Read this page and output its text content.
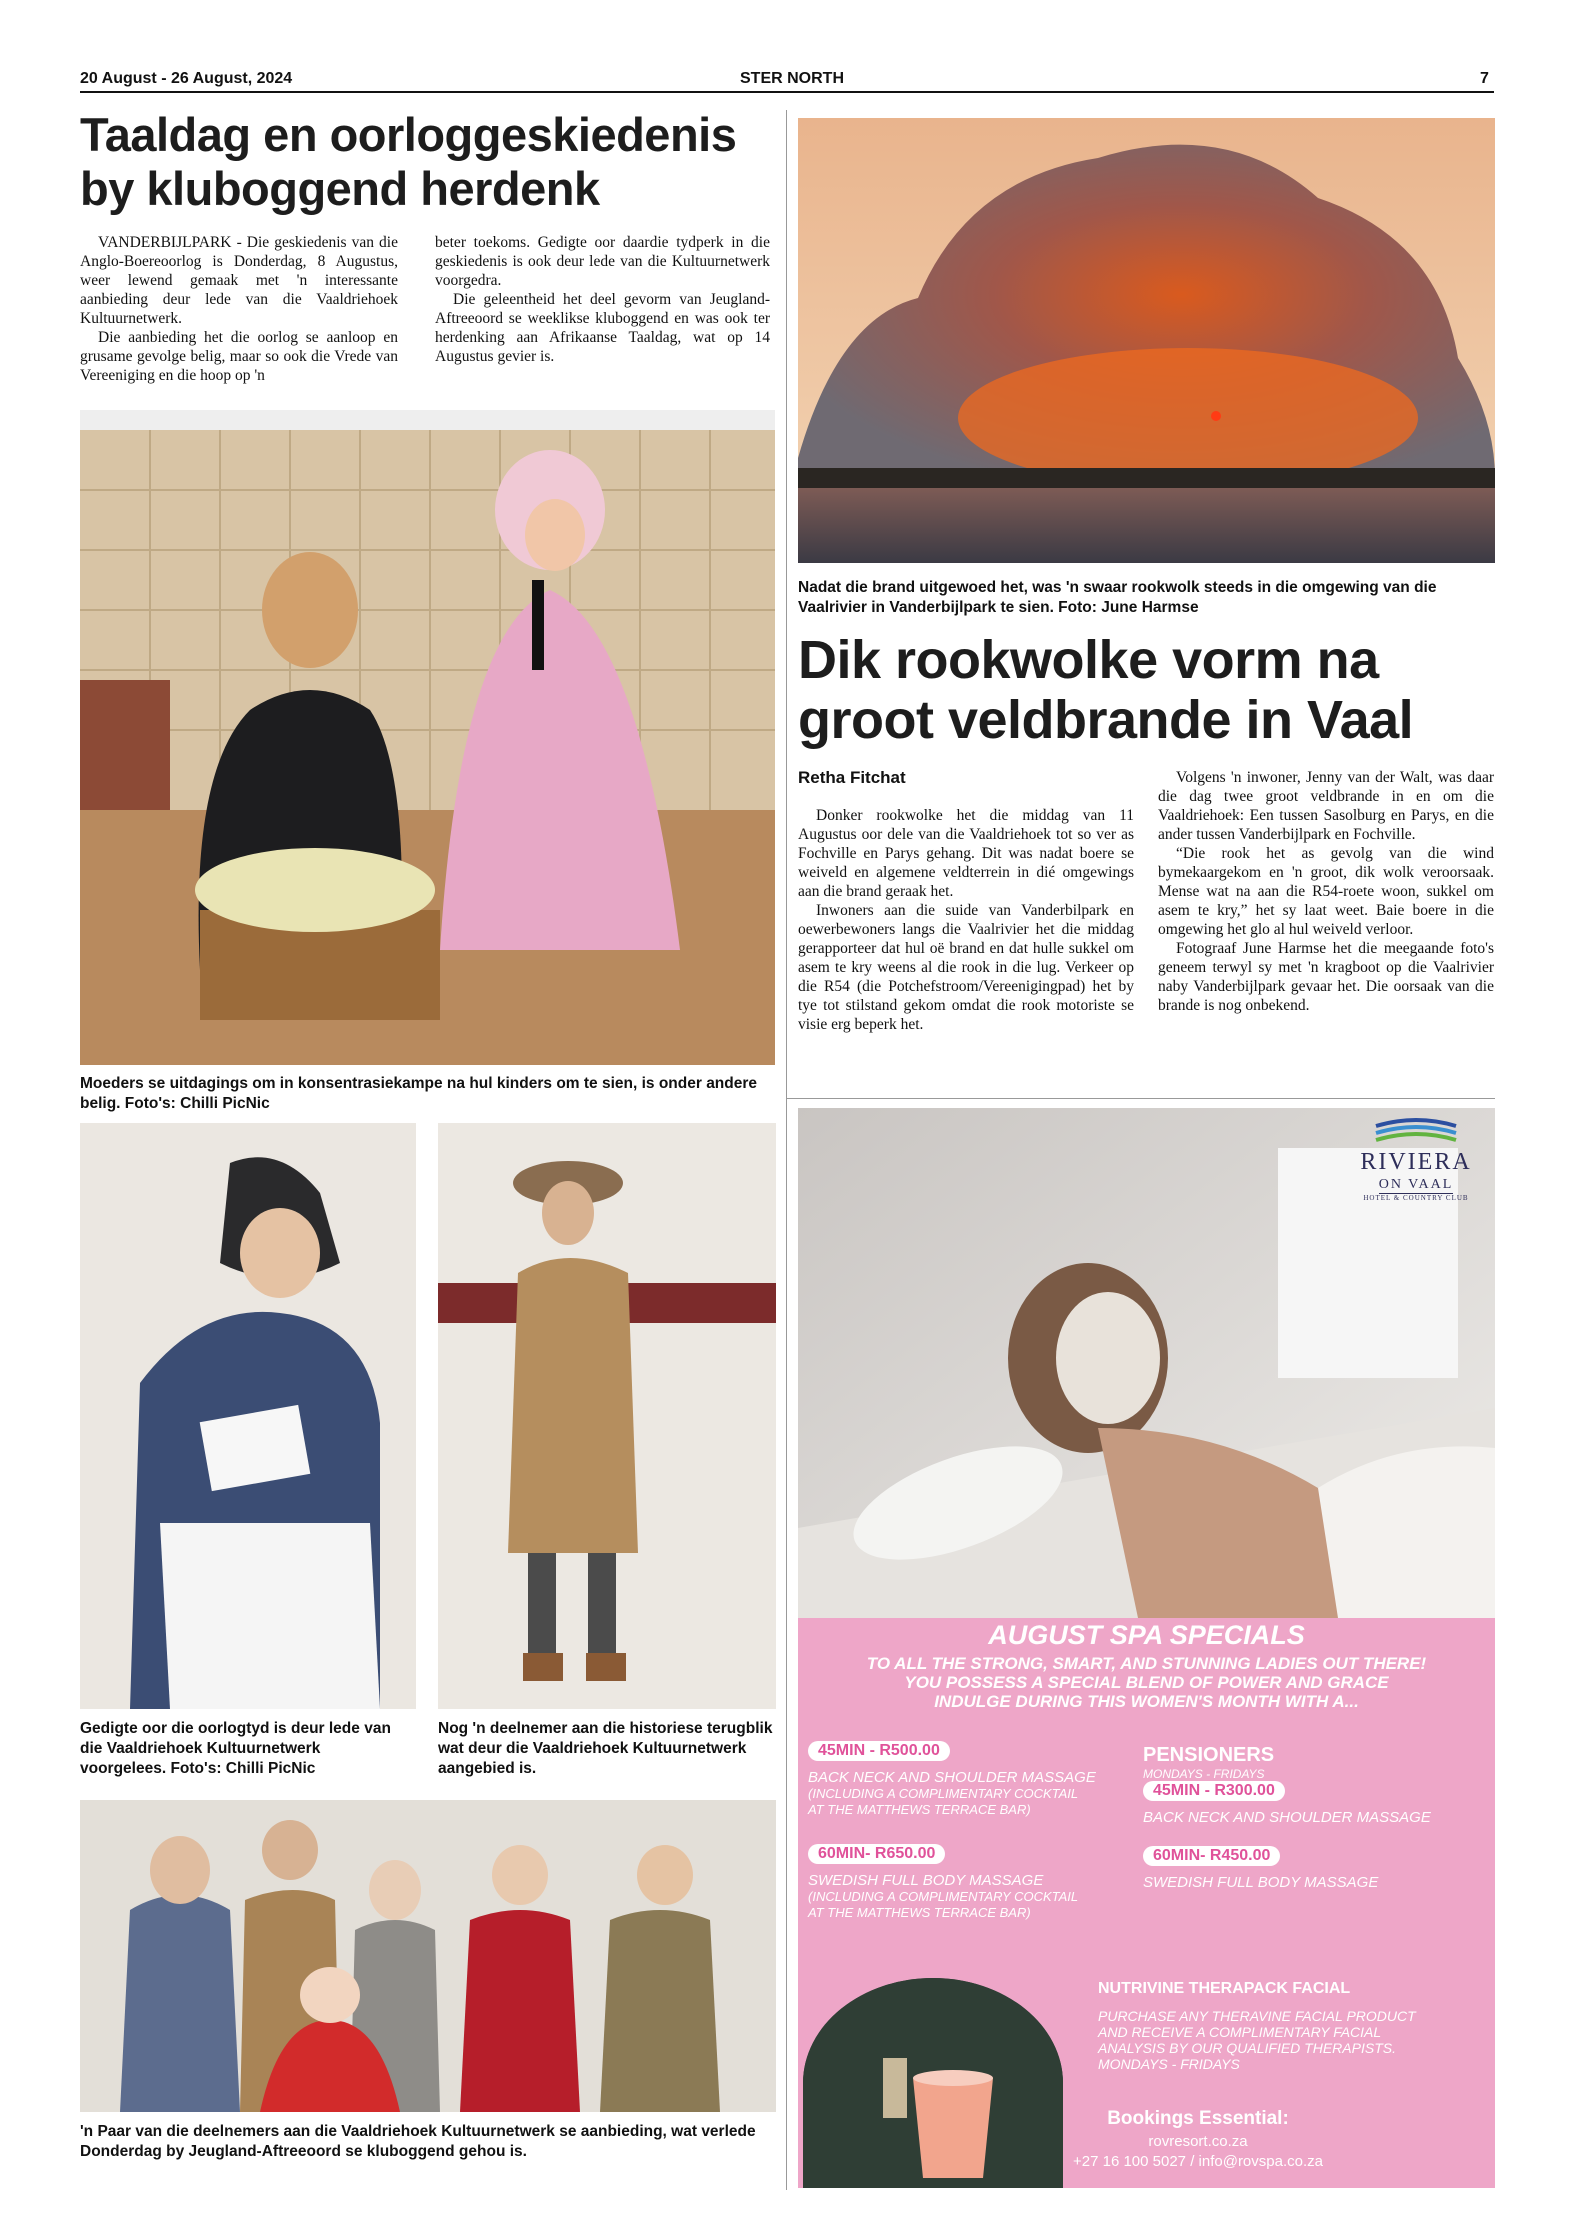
20 August - 26 August, 2024	STER NORTH	7
Taaldag en oorloggeskiedenis
by kluboggend herdenk

VANDERBIJLPARK - Die geskiedenis van die Anglo-Boereoorlog is Donderdag, 8 Augustus, weer lewend gemaak met 'n interessante aanbieding deur lede van die Vaaldriehoek Kultuurnetwerk.

Die aanbieding het die oorlog se aanloop en grusame gevolge belig, maar so ook die Vrede van Vereeniging en die hoop op 'n

beter toekoms. Gedigte oor daardie tydperk in die geskiedenis is ook deur lede van die Kultuurnetwerk voorgedra.

Die geleentheid het deel gevorm van Jeugland-Aftreeoord se weeklikse kluboggend en was ook ter herdenking aan Afrikaanse Taaldag, wat op 14 Augustus gevier is.

Moeders se uitdagings om in konsentrasiekampe na hul kinders om te sien, is onder andere belig. Foto's: Chilli PicNic
Gedigte oor die oorlogtyd is deur lede van die Vaaldriehoek Kultuurnetwerk voorgelees. Foto's: Chilli PicNic
Nog 'n deelnemer aan die historiese terugblik wat deur die Vaaldriehoek Kultuurnetwerk aangebied is.
'n Paar van die deelnemers aan die Vaaldriehoek Kultuurnetwerk se aanbieding, wat verlede Donderdag by Jeugland-Aftreeoord se kluboggend gehou is.
Nadat die brand uitgewoed het, was 'n swaar rookwolk steeds in die omgewing van die Vaalrivier in Vanderbijlpark te sien. Foto: June Harmse
Dik rookwolke vorm na
groot veldbrande in Vaal
Retha Fitchat

Donker rookwolke het die middag van 11 Augustus oor dele van die Vaaldriehoek tot so ver as Fochville en Parys gehang. Dit was nadat boere se weiveld en algemene veldterrein in dié omgewings aan die brand geraak het.

Inwoners aan die suide van Vanderbilpark en oewerbewoners langs die Vaalrivier het die middag gerapporteer dat hul oë brand en dat hulle sukkel om asem te kry weens al die rook in die lug. Verkeer op die R54 (die Potchefstroom/Vereenigingpad) het by tye tot stilstand gekom omdat die rook motoriste se visie erg beperk het.

Volgens 'n inwoner, Jenny van der Walt, was daar die dag twee groot veldbrande in en om die Vaaldriehoek: Een tussen Sasolburg en Parys, en die ander tussen Vanderbijlpark en Fochville.

“Die rook het as gevolg van die wind bymekaargekom en 'n groot, dik wolk veroorsaak. Mense wat na aan die R54-roete woon, sukkel om asem te kry,” het sy laat weet. Baie boere in die omgewing het glo al hul weiveld verloor.

Fotograaf June Harmse het die meegaande foto's geneem terwyl sy met 'n kragboot op die Vaalrivier naby Vanderbijlpark gevaar het. Die oorsaak van die brande is nog onbekend.

RIVIERA
ON VAAL
HOTEL & COUNTRY CLUB
AUGUST SPA SPECIALS
TO ALL THE STRONG, SMART, AND STUNNING LADIES OUT THERE!
YOU POSSESS A SPECIAL BLEND OF POWER AND GRACE
INDULGE DURING THIS WOMEN'S MONTH WITH A...
45MIN - R500.00
BACK NECK AND SHOULDER MASSAGE
(INCLUDING A COMPLIMENTARY COCKTAIL
AT THE MATTHEWS TERRACE BAR)
60MIN- R650.00
SWEDISH FULL BODY MASSAGE
(INCLUDING A COMPLIMENTARY COCKTAIL
AT THE MATTHEWS TERRACE BAR)
PENSIONERS
MONDAYS - FRIDAYS
45MIN - R300.00
BACK NECK AND SHOULDER MASSAGE
60MIN- R450.00
SWEDISH FULL BODY MASSAGE
NUTRIVINE THERAPACK FACIAL
PURCHASE ANY THERAVINE FACIAL PRODUCT
AND RECEIVE A COMPLIMENTARY FACIAL
ANALYSIS BY OUR QUALIFIED THERAPISTS.
MONDAYS - FRIDAYS
Bookings Essential:
rovresort.co.za
+27 16 100 5027 / info@rovspa.co.za
